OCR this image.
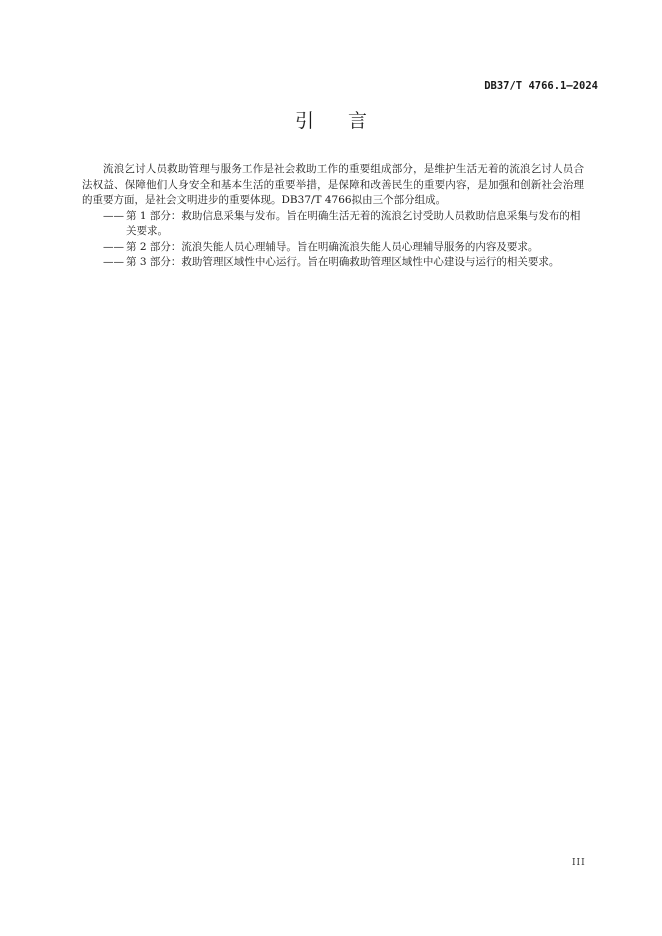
DB37/T 4766.1—2024
引言

流浪乞讨人员救助管理与服务工作是社会救助工作的重要组成部分，是维护生活无着的流浪乞讨人员合法权益、保障他们人身安全和基本生活的重要举措，是保障和改善民生的重要内容，是加强和创新社会治理的重要方面，是社会文明进步的重要体现。DB37/T 4766拟由三个部分组成。

—— 第 1 部分：救助信息采集与发布。旨在明确生活无着的流浪乞讨受助人员救助信息采集与发布的相关要求。

—— 第 2 部分：流浪失能人员心理辅导。旨在明确流浪失能人员心理辅导服务的内容及要求。

—— 第 3 部分：救助管理区域性中心运行。旨在明确救助管理区域性中心建设与运行的相关要求。

III
